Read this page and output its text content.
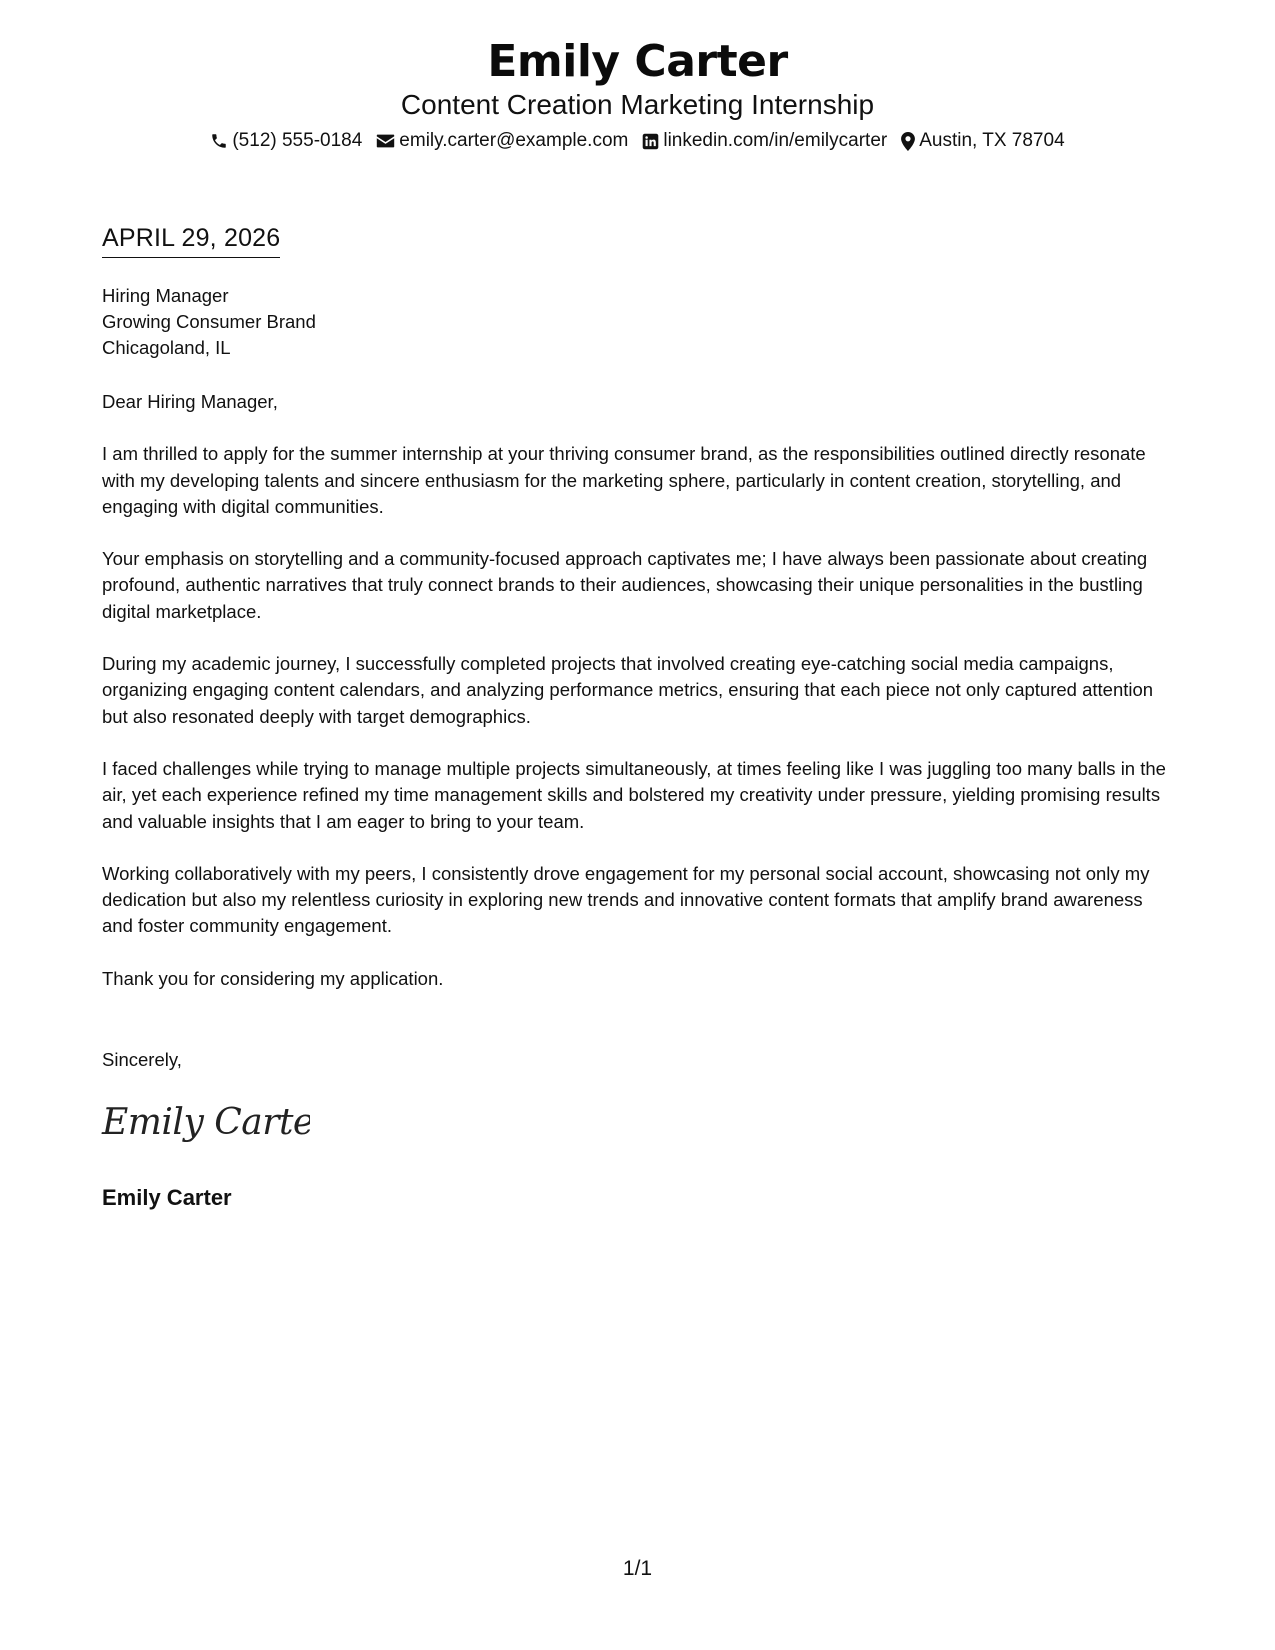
Emily Carter
Content Creation Marketing Internship
(512) 555-0184 emily.carter@example.com linkedin.com/in/emilycarter Austin, TX 78704
APRIL 29, 2026
Hiring Manager
Growing Consumer Brand
Chicagoland, IL

Dear Hiring Manager,

I am thrilled to apply for the summer internship at your thriving consumer brand, as the responsibilities outlined directly resonate with my developing talents and sincere enthusiasm for the marketing sphere, particularly in content creation, storytelling, and engaging with digital communities.

Your emphasis on storytelling and a community-focused approach captivates me; I have always been passionate about creating profound, authentic narratives that truly connect brands to their audiences, showcasing their unique personalities in the bustling digital marketplace.

During my academic journey, I successfully completed projects that involved creating eye-catching social media campaigns, organizing engaging content calendars, and analyzing performance metrics, ensuring that each piece not only captured attention but also resonated deeply with target demographics.

I faced challenges while trying to manage multiple projects simultaneously, at times feeling like I was juggling too many balls in the air, yet each experience refined my time management skills and bolstered my creativity under pressure, yielding promising results and valuable insights that I am eager to bring to your team.

Working collaboratively with my peers, I consistently drove engagement for my personal social account, showcasing not only my dedication but also my relentless curiosity in exploring new trends and innovative content formats that amplify brand awareness and foster community engagement.

Thank you for considering my application.

Sincerely,
Emily Carter
Emily Carter
1/1
